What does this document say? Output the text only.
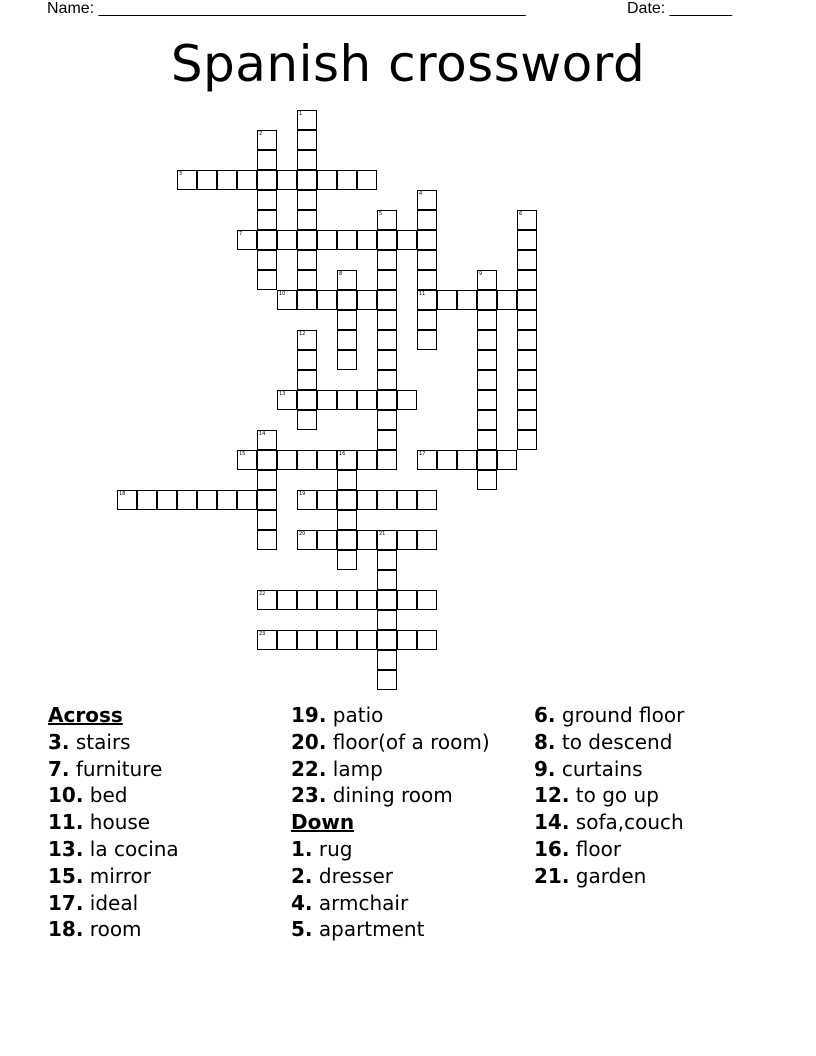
Name: ________________________________________________	Date: _______
Spanish crossword
1
2
3
4
11
5	6
7
8	9
10
12
13
14
15	16	17
18	19
20	21
22
23
Across
3. stairs
7. furniture
10. bed
11. house
13. la cocina
15. mirror
17. ideal
18. room
19. patio
20. floor(of a room)
22. lamp
23. dining room
Down
1. rug
2. dresser
4. armchair
5. apartment
6. ground floor
8. to descend
9. curtains
12. to go up
14. sofa,couch
16. floor
21. garden
